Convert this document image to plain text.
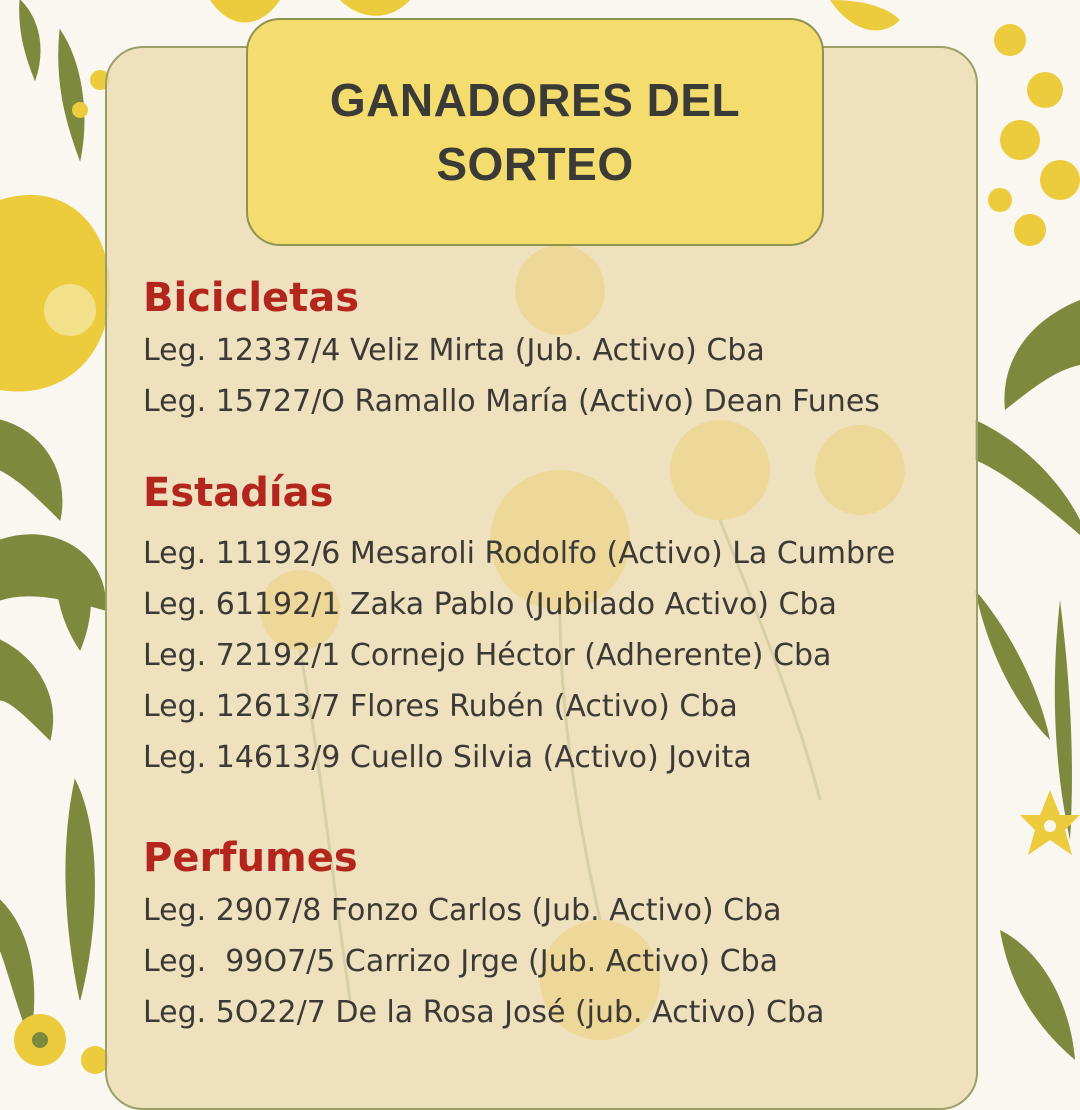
GANADORES DEL SORTEO
Bicicletas

Leg. 12337/4 Veliz Mirta (Jub. Activo) Cba

Leg. 15727/O Ramallo María (Activo) Dean Funes

Estadías

Leg. 11192/6 Mesaroli Rodolfo (Activo) La Cumbre

Leg. 61192/1 Zaka Pablo (Jubilado Activo) Cba

Leg. 72192/1 Cornejo Héctor (Adherente) Cba

Leg. 12613/7 Flores Rubén (Activo) Cba

Leg. 14613/9 Cuello Silvia (Activo) Jovita

Perfumes

Leg. 2907/8 Fonzo Carlos (Jub. Activo) Cba

Leg.  99O7/5 Carrizo Jrge (Jub. Activo) Cba

Leg. 5O22/7 De la Rosa José (jub. Activo) Cba
